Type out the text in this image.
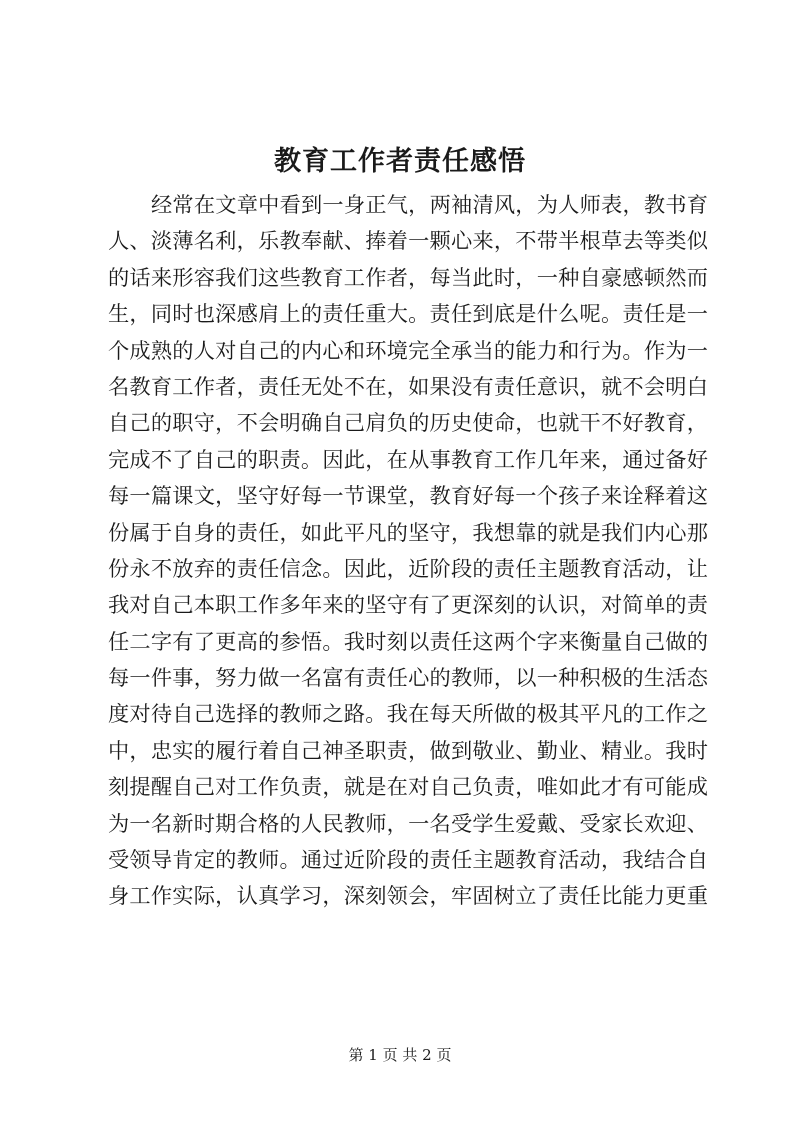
教育工作者责任感悟
经常在文章中看到一身正气，两袖清风，为人师表，教书育
人、淡薄名利，乐教奉献、捧着一颗心来，不带半根草去等类似
的话来形容我们这些教育工作者，每当此时，一种自豪感顿然而
生，同时也深感肩上的责任重大。责任到底是什么呢。责任是一
个成熟的人对自己的内心和环境完全承当的能力和行为。作为一
名教育工作者，责任无处不在，如果没有责任意识，就不会明白
自己的职守，不会明确自己肩负的历史使命，也就干不好教育，
完成不了自己的职责。因此，在从事教育工作几年来，通过备好
每一篇课文，坚守好每一节课堂，教育好每一个孩子来诠释着这
份属于自身的责任，如此平凡的坚守，我想靠的就是我们内心那
份永不放弃的责任信念。因此，近阶段的责任主题教育活动，让
我对自己本职工作多年来的坚守有了更深刻的认识，对简单的责
任二字有了更高的参悟。我时刻以责任这两个字来衡量自己做的
每一件事，努力做一名富有责任心的教师，以一种积极的生活态
度对待自己选择的教师之路。我在每天所做的极其平凡的工作之
中，忠实的履行着自己神圣职责，做到敬业、勤业、精业。我时
刻提醒自己对工作负责，就是在对自己负责，唯如此才有可能成
为一名新时期合格的人民教师，一名受学生爱戴、受家长欢迎、
受领导肯定的教师。通过近阶段的责任主题教育活动，我结合自
身工作实际，认真学习，深刻领会，牢固树立了责任比能力更重
第 1 页 共 2 页
